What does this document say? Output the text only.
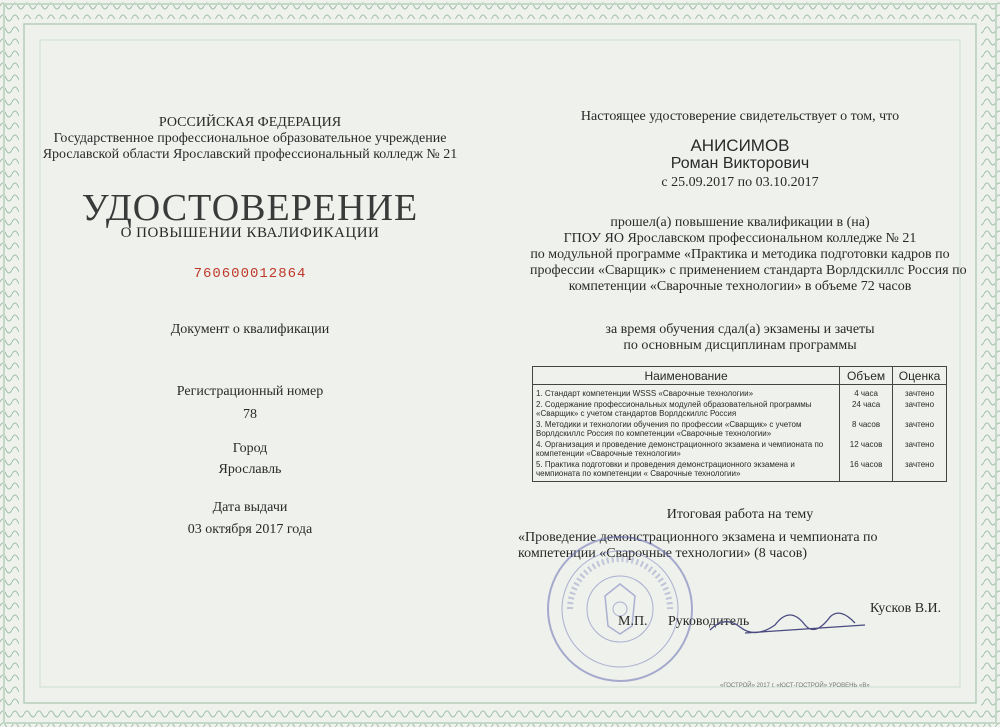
РОССИЙСКАЯ ФЕДЕРАЦИЯ
Государственное профессиональное образовательное учреждение
Ярославской области Ярославский профессиональный колледж № 21
УДОСТОВЕРЕНИЕ
О ПОВЫШЕНИИ КВАЛИФИКАЦИИ
760600012864
Документ о квалификации
Регистрационный номер
78
Город
Ярославль
Дата выдачи
03 октября 2017 года
Настоящее удостоверение свидетельствует о том, что
АНИСИМОВ
Роман Викторович
с 25.09.2017 по 03.10.2017
прошел(а) повышение квалификации в (на)
ГПОУ ЯО Ярославском профессиональном колледже № 21
по модульной программе «Практика и методика подготовки кадров по
профессии «Сварщик» с применением стандарта Ворлдскиллс Россия по
компетенции «Сварочные технологии» в объеме 72 часов
за время обучения сдал(а) экзамены и зачеты
по основным дисциплинам программы
Наименование	Объем	Оценка
1. Стандарт компетенции WSSS «Сварочные технологии»	4 часа	зачтено
2. Содержание профессиональных модулей образовательной программы «Сварщик» с учетом стандартов Ворлдскиллс Россия	24 часа	зачтено
3. Методики и технологии обучения по профессии «Сварщик» с учетом Ворлдскиллс Россия по компетенции «Сварочные технологии»	8 часов	зачтено
4. Организация и проведение демонстрационного экзамена и чемпионата по компетенции «Сварочные технологии»	12 часов	зачтено
5. Практика подготовки и проведения демонстрационного экзамена и чемпионата по компетенции « Сварочные технологии»	16 часов	зачтено
Итоговая работа на тему
«Проведение демонстрационного экзамена и чемпионата по
компетенции «Сварочные технологии» (8 часов)
М.П. Руководитель
Кусков В.И.
«ГОСТРОЙ» 2017 г. «ЮСТ-ГОСТРОЙ» УРОВЕНЬ «В»
